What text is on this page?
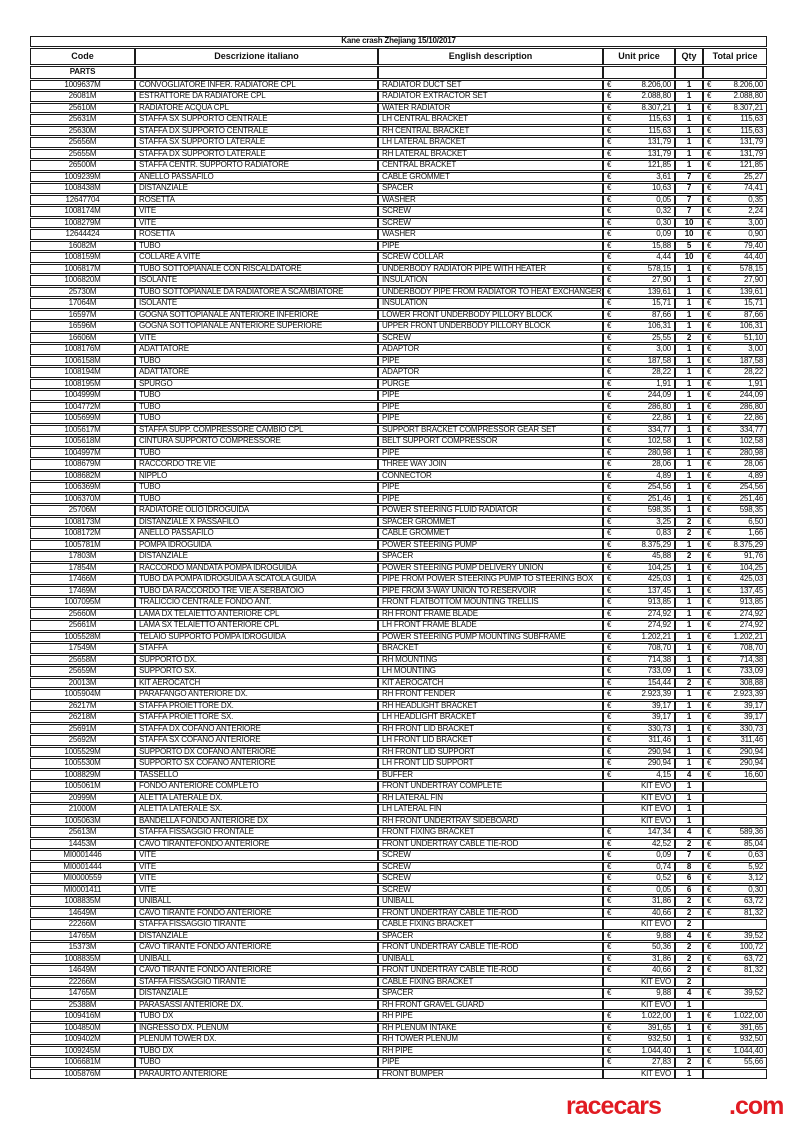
Kane crash Zhejiang 15/10/2017					
Code	Descrizione italiano	English description	Unit price	Qty	Total price
PARTS					
1009637M	CONVOGLIATORE INFER. RADIATORE CPL	RADIATOR DUCT SET	€ 8.206,00	1	€ 8.206,00

26081M	ESTRATTORE DA RADIATORE CPL	RADIATOR EXTRACTOR SET	€ 2.088,80	1	€ 2.088,80

25610M	RADIATORE ACQUA CPL	WATER RADIATOR	€ 8.307,21	1	€ 8.307,21

25631M	STAFFA SX SUPPORTO CENTRALE	LH CENTRAL BRACKET	€ 115,63	1	€ 115,63

25630M	STAFFA DX SUPPORTO CENTRALE	RH CENTRAL BRACKET	€ 115,63	1	€ 115,63

25656M	STAFFA SX SUPPORTO LATERALE	LH LATERAL BRACKET	€ 131,79	1	€ 131,79

25655M	STAFFA DX SUPPORTO LATERALE	RH LATERAL BRACKET	€ 131,79	1	€ 131,79

26500M	STAFFA CENTR. SUPPORTO RADIATORE	CENTRAL BRACKET	€ 121,85	1	€ 121,85

1009239M	ANELLO PASSAFILO	CABLE GROMMET	€ 3,61	7	€ 25,27

1008438M	DISTANZIALE	SPACER	€ 10,63	7	€ 74,41

12647704	ROSETTA	WASHER	€ 0,05	7	€ 0,35

1008174M	VITE	SCREW	€ 0,32	7	€ 2,24

1008279M	VITE	SCREW	€ 0,30	10	€ 3,00

12644424	ROSETTA	WASHER	€ 0,09	10	€ 0,90

16082M	TUBO	PIPE	€ 15,88	5	€ 79,40

1008159M	COLLARE A VITE	SCREW COLLAR	€ 4,44	10	€ 44,40

1006817M	TUBO SOTTOPIANALE CON RISCALDATORE	UNDERBODY RADIATOR PIPE WITH HEATER	€ 578,15	1	€ 578,15

1006820M	ISOLANTE	INSULATION	€ 27,90	1	€ 27,90

25730M	TUBO SOTTOPIANALE DA RADIATORE A SCAMBIATORE	UNDERBODY PIPE FROM RADIATOR TO HEAT EXCHANGER	€ 139,61	1	€ 139,61

17064M	ISOLANTE	INSULATION	€ 15,71	1	€ 15,71

16597M	GOGNA SOTTOPIANALE ANTERIORE INFERIORE	LOWER FRONT UNDERBODY PILLORY BLOCK	€ 87,66	1	€ 87,66

16596M	GOGNA SOTTOPIANALE ANTERIORE SUPERIORE	UPPER FRONT UNDERBODY PILLORY BLOCK	€ 106,31	1	€ 106,31

16606M	VITE	SCREW	€ 25,55	2	€ 51,10

1008176M	ADATTATORE	ADAPTOR	€ 3,00	1	€ 3,00

1006158M	TUBO	PIPE	€ 187,58	1	€ 187,58

1008194M	ADATTATORE	ADAPTOR	€ 28,22	1	€ 28,22

1008195M	SPURGO	PURGE	€ 1,91	1	€ 1,91

1004999M	TUBO	PIPE	€ 244,09	1	€ 244,09

1004772M	TUBO	PIPE	€ 286,80	1	€ 286,80

1005699M	TUBO	PIPE	€ 22,86	1	€ 22,86

1005617M	STAFFA SUPP. COMPRESSORE CAMBIO CPL	SUPPORT BRACKET COMPRESSOR GEAR SET	€ 334,77	1	€ 334,77

1005618M	CINTURA SUPPORTO COMPRESSORE	BELT SUPPORT COMPRESSOR	€ 102,58	1	€ 102,58

1004997M	TUBO	PIPE	€ 280,98	1	€ 280,98

1008679M	RACCORDO TRE VIE	THREE WAY JOIN	€ 28,06	1	€ 28,06

1008682M	NIPPLO	CONNECTOR	€ 4,89	1	€ 4,89

1006369M	TUBO	PIPE	€ 254,56	1	€ 254,56

1006370M	TUBO	PIPE	€ 251,46	1	€ 251,46

25706M	RADIATORE OLIO IDROGUIDA	POWER STEERING FLUID RADIATOR	€ 598,35	1	€ 598,35

1008173M	DISTANZIALE X PASSAFILO	SPACER GROMMET	€ 3,25	2	€ 6,50

1008172M	ANELLO PASSAFILO	CABLE GROMMET	€ 0,83	2	€ 1,66

1005781M	POMPA IDROGUIDA	POWER STEERING PUMP	€ 8.375,29	1	€ 8.375,29

17803M	DISTANZIALE	SPACER	€ 45,88	2	€ 91,76

17854M	RACCORDO MANDATA POMPA IDROGUIDA	POWER STEERING PUMP DELIVERY UNION	€ 104,25	1	€ 104,25

17466M	TUBO DA POMPA IDROGUIDA A SCATOLA GUIDA	PIPE FROM POWER STEERING PUMP TO STEERING BOX	€ 425,03	1	€ 425,03

17469M	TUBO DA RACCORDO TRE VIE A SERBATOIO	PIPE FROM 3-WAY UNION TO RESERVOIR	€ 137,45	1	€ 137,45

1007095M	TRALICCIO CENTRALE FONDO ANT.	FRONT FLATBOTTOM MOUNTING TRELLIS	€ 913,85	1	€ 913,85

25660M	LAMA DX TELAIETTO ANTERIORE CPL	RH FRONT FRAME BLADE	€ 274,92	1	€ 274,92

25661M	LAMA SX TELAIETTO ANTERIORE CPL	LH FRONT FRAME BLADE	€ 274,92	1	€ 274,92

1005528M	TELAIO SUPPORTO POMPA IDROGUIDA	POWER STEERING PUMP MOUNTING SUBFRAME	€ 1.202,21	1	€ 1.202,21

17549M	STAFFA	BRACKET	€ 708,70	1	€ 708,70

25658M	SUPPORTO DX.	RH MOUNTING	€ 714,38	1	€ 714,38

25659M	SUPPORTO SX.	LH MOUNTING	€ 733,09	1	€ 733,09

20013M	KIT AEROCATCH	KIT AEROCATCH	€ 154,44	2	€ 308,88

1005904M	PARAFANGO ANTERIORE DX.	RH FRONT FENDER	€ 2.923,39	1	€ 2.923,39

26217M	STAFFA PROIETTORE DX.	RH HEADLIGHT BRACKET	€ 39,17	1	€ 39,17

26218M	STAFFA PROIETTORE SX.	LH HEADLIGHT BRACKET	€ 39,17	1	€ 39,17

25691M	STAFFA DX COFANO ANTERIORE	RH FRONT LID BRACKET	€ 330,73	1	€ 330,73

25692M	STAFFA SX COFANO ANTERIORE	LH FRONT LID BRACKET	€ 311,46	1	€ 311,46

1005529M	SUPPORTO DX COFANO ANTERIORE	RH FRONT LID SUPPORT	€ 290,94	1	€ 290,94

1005530M	SUPPORTO SX COFANO ANTERIORE	LH FRONT LID SUPPORT	€ 290,94	1	€ 290,94

1008829M	TASSELLO	BUFFER	€ 4,15	4	€ 16,60

1005061M	FONDO ANTERIORE COMPLETO	FRONT UNDERTRAY COMPLETE	KIT EVO	1	
20999M	ALETTA LATERALE DX.	RH LATERAL FIN	KIT EVO	1	
21000M	ALETTA LATERALE SX.	LH LATERAL FIN	KIT EVO	1	
1005063M	BANDELLA FONDO ANTERIORE DX	RH FRONT UNDERTRAY SIDEBOARD	KIT EVO	1	
25613M	STAFFA FISSAGGIO FRONTALE	FRONT FIXING BRACKET	€ 147,34	4	€ 589,36

14453M	CAVO TIRANTEFONDO ANTERIORE	FRONT UNDERTRAY CABLE TIE-ROD	€ 42,52	2	€ 85,04

MI0001446	VITE	SCREW	€ 0,09	7	€ 0,63

MI0001444	VITE	SCREW	€ 0,74	8	€ 5,92

MI0000559	VITE	SCREW	€ 0,52	6	€ 3,12

MI0001411	VITE	SCREW	€ 0,05	6	€ 0,30

1008835M	UNIBALL	UNIBALL	€ 31,86	2	€ 63,72

14649M	CAVO TIRANTE FONDO ANTERIORE	FRONT UNDERTRAY CABLE TIE-ROD	€ 40,66	2	€ 81,32

22266M	STAFFA FISSAGGIO TIRANTE	CABLE FIXING BRACKET	KIT EVO	2	
14765M	DISTANZIALE	SPACER	€ 9,88	4	€ 39,52

15373M	CAVO TIRANTE FONDO ANTERIORE	FRONT UNDERTRAY CABLE TIE-ROD	€ 50,36	2	€ 100,72

1008835M	UNIBALL	UNIBALL	€ 31,86	2	€ 63,72

14649M	CAVO TIRANTE FONDO ANTERIORE	FRONT UNDERTRAY CABLE TIE-ROD	€ 40,66	2	€ 81,32

22266M	STAFFA FISSAGGIO TIRANTE	CABLE FIXING BRACKET	KIT EVO	2	
14765M	DISTANZIALE	SPACER	€ 9,88	4	€ 39,52

25388M	PARASASSI ANTERIORE DX.	RH FRONT GRAVEL GUARD	KIT EVO	1	
1009416M	TUBO DX	RH PIPE	€ 1.022,00	1	€ 1.022,00

1004850M	INGRESSO DX. PLENUM	RH PLENUM INTAKE	€ 391,65	1	€ 391,65

1009402M	PLENUM TOWER DX.	RH TOWER PLENUM	€ 932,50	1	€ 932,50

1009245M	TUBO DX	RH PIPE	€ 1.044,40	1	€ 1.044,40

1006681M	TUBO	PIPE	€ 27,83	2	€ 55,66

1005876M	PARAURTO ANTERIORE	FRONT BUMPER	KIT EVO	1	
racecars	.com
